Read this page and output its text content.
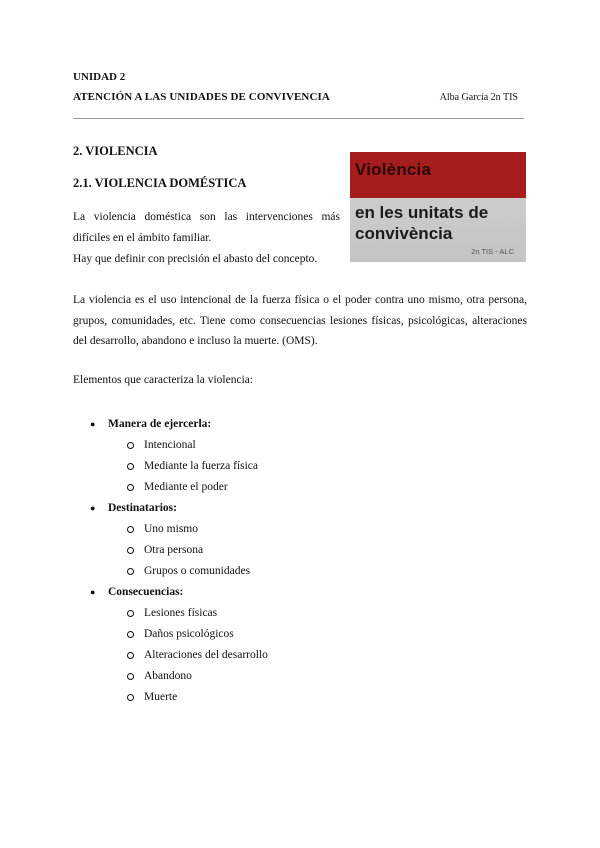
UNIDAD 2
ATENCIÓN A LAS UNIDADES DE CONVIVENCIA	Alba García 2n TIS
2. VIOLENCIA
2.1. VIOLENCIA DOMÉSTICA

La violencia doméstica son las intervenciones más difíciles en el ámbito familiar.

Hay que definir con precisión el abasto del concepto.

Violència
en les unitats de
convivència
2n TIS - ALC

La violencia es el uso intencional de la fuerza física o el poder contra uno mismo, otra persona, grupos, comunidades, etc. Tiene como consecuencias lesiones físicas, psicológicas, alteraciones del desarrollo, abandono e incluso la muerte. (OMS).

Elementos que caracteriza la violencia:
● Manera de ejercerla:
Intencional
Mediante la fuerza física
Mediante el poder
● Destinatarios:
Uno mismo
Otra persona
Grupos o comunidades
● Consecuencias:
Lesiones físicas
Daños psicológicos
Alteraciones del desarrollo
Abandono
Muerte
